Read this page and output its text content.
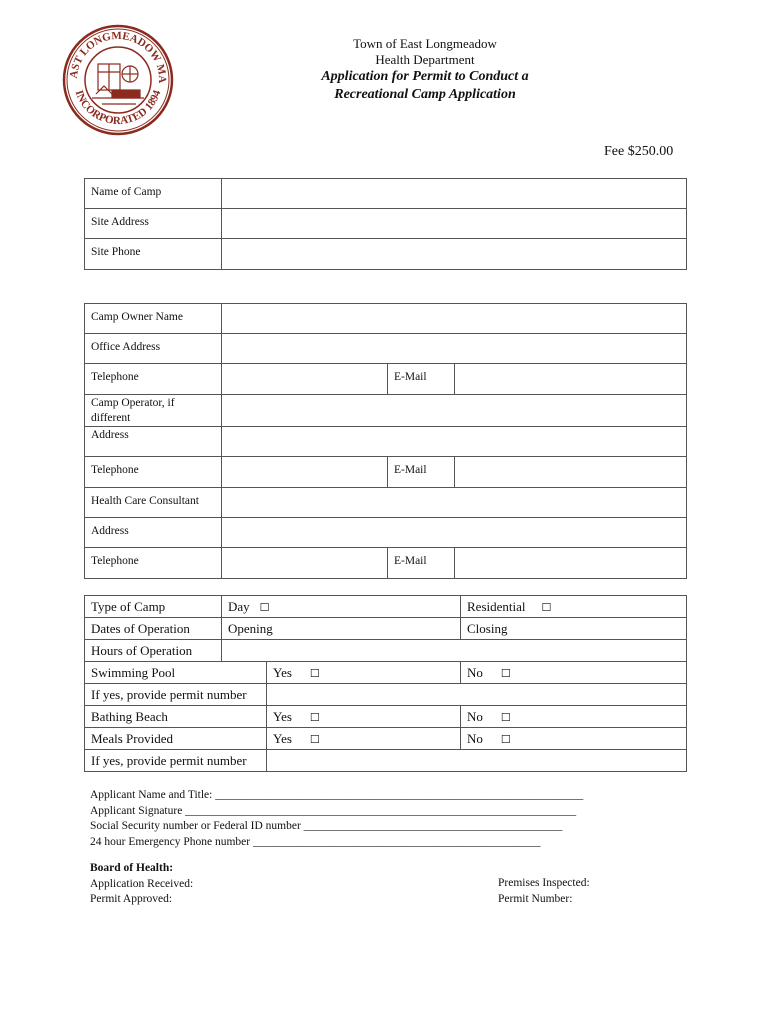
AST LONGMEADOW MA
INCORPORATED 1894
Town of East Longmeadow
Health Department
Application for Permit to Conduct a
Recreational Camp Application
Fee $250.00
Name of Camp	
Site Address	
Site Phone	
Camp Owner Name			
Office Address			
Telephone		E-Mail	

Camp Operator, if
different			

Address			
Telephone		E-Mail	
Health Care Consultant			
Address			
Telephone		E-Mail	
Type of Camp	Day ☐		Residential ☐
Dates of Operation	Opening		Closing
Hours of Operation			
Swimming Pool		Yes ☐	No ☐
If yes, provide permit number			
Bathing Beach		Yes ☐	No ☐
Meals Provided		Yes ☐	No ☐
If yes, provide permit number			
Applicant Name and Title: ________________________________________________________________
Applicant Signature ____________________________________________________________________
Social Security number or Federal ID number _____________________________________________
24 hour Emergency Phone number __________________________________________________
Board of Health:
Application Received:
Permit Approved:
Premises Inspected:
Permit Number:
